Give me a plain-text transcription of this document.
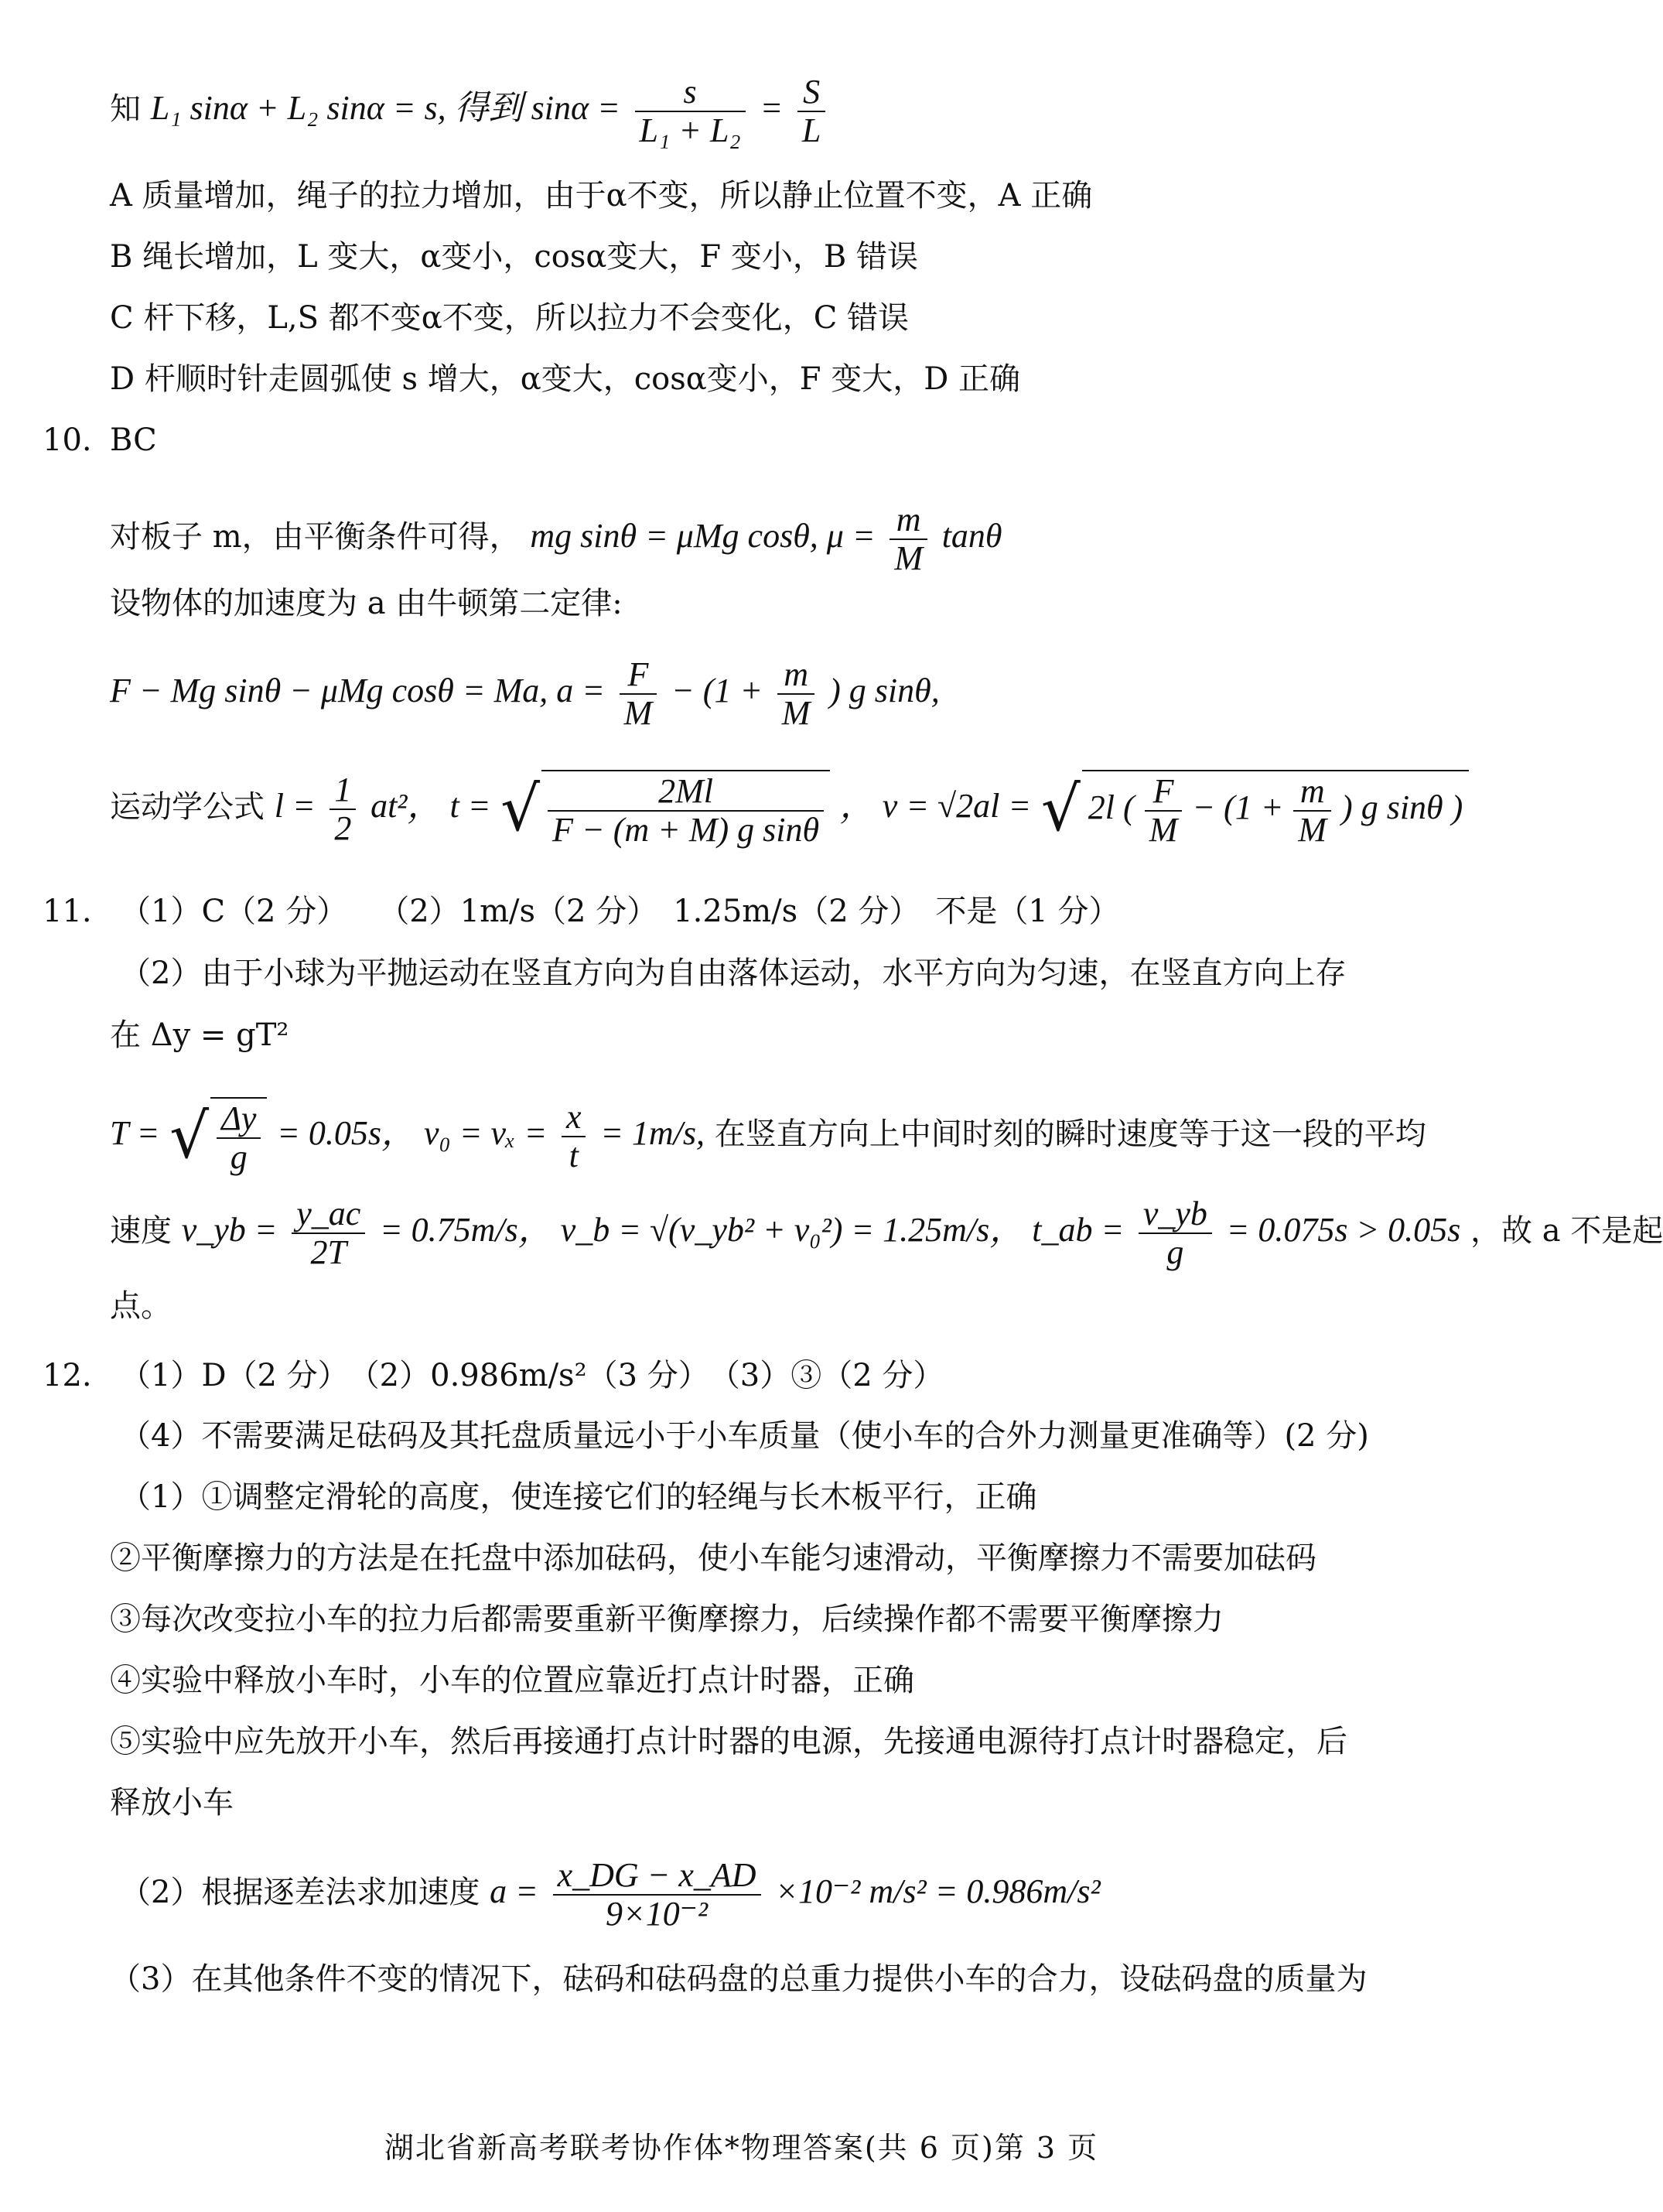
知 L₁ sinα + L₂ sinα = s, 得到 $\sin\alpha = \frac{s}{\text{L₁ + L₂}} = \frac{S}{L}$
A 质量增加，绳子的拉力增加，由于α不变，所以静止位置不变，A 正确
B 绳长增加，L 变大，α变小，cosα变大，F 变小，B 错误
C 杆下移，L,S 都不变α不变，所以拉力不会变化，C 错误
D 杆顺时针走圆弧使 s 增大，α变大，cosα变小，F 变大，D 正确
10. BC
对板子 m，由平衡条件可得， mg sinθ = μMg cosθ, $\mu = \frac{m}{M}$ tanθ
设物体的加速度为 a 由牛顿第二定律:
F − Mg sinθ − μMg cosθ = Ma, $a = \frac{F}{M} - (1 + \frac{m}{M}$ ) g sinθ,
运动学公式 $l = \frac{1}{2} at^2$， t = √ $\frac{2Ml}{\text{F − (m + M) g sinθ}}$ ， v = √2al = √ 2l ( $\frac{F}{M} - (1 + \frac{m}{M}$ ) g sinθ )
11. （1）C（2 分）　　（2）1m/s（2 分）　1.25m/s（2 分）　不是（1 分）
（2）由于小球为平抛运动在竖直方向为自由落体运动，水平方向为匀速，在竖直方向上存
在 Δy = gT²
T = √ $\frac{\Delta y}{g} = 0.05s$， $v_0 = v_x = \frac{x}{t} = 1m/s$, 在竖直方向上中间时刻的瞬时速度等于这一段的平均
速度 v_yb = $\frac{y\_ac}{2T} = 0.75m/s$， v_b = √(v_yb² + v₀²) = 1.25m/s， t_ab = $\frac{v\_yb}{g} = 0.075s > 0.05s$ ，故 a 不是起
点。
12. （1）D（2 分）　（2）0.986m/s²（3 分）　（3）③（2 分）
（4）不需要满足砝码及其托盘质量远小于小车质量（使小车的合外力测量更准确等）(2 分)
（1）①调整定滑轮的高度，使连接它们的轻绳与长木板平行，正确
②平衡摩擦力的方法是在托盘中添加砝码，使小车能匀速滑动，平衡摩擦力不需要加砝码
③每次改变拉小车的拉力后都需要重新平衡摩擦力，后续操作都不需要平衡摩擦力
④实验中释放小车时，小车的位置应靠近打点计时器，正确
⑤实验中应先放开小车，然后再接通打点计时器的电源，先接通电源待打点计时器稳定，后
释放小车
（2）根据逐差法求加速度 $a = \frac{x\_DG - x\_AD}{\text{9×10⁻²}} \times 10^{-2}$ m/s² = 0.986m/s²
（3）在其他条件不变的情况下，砝码和砝码盘的总重力提供小车的合力，设砝码盘的质量为
湖北省新高考联考协作体*物理答案(共 6 页)第 3 页
